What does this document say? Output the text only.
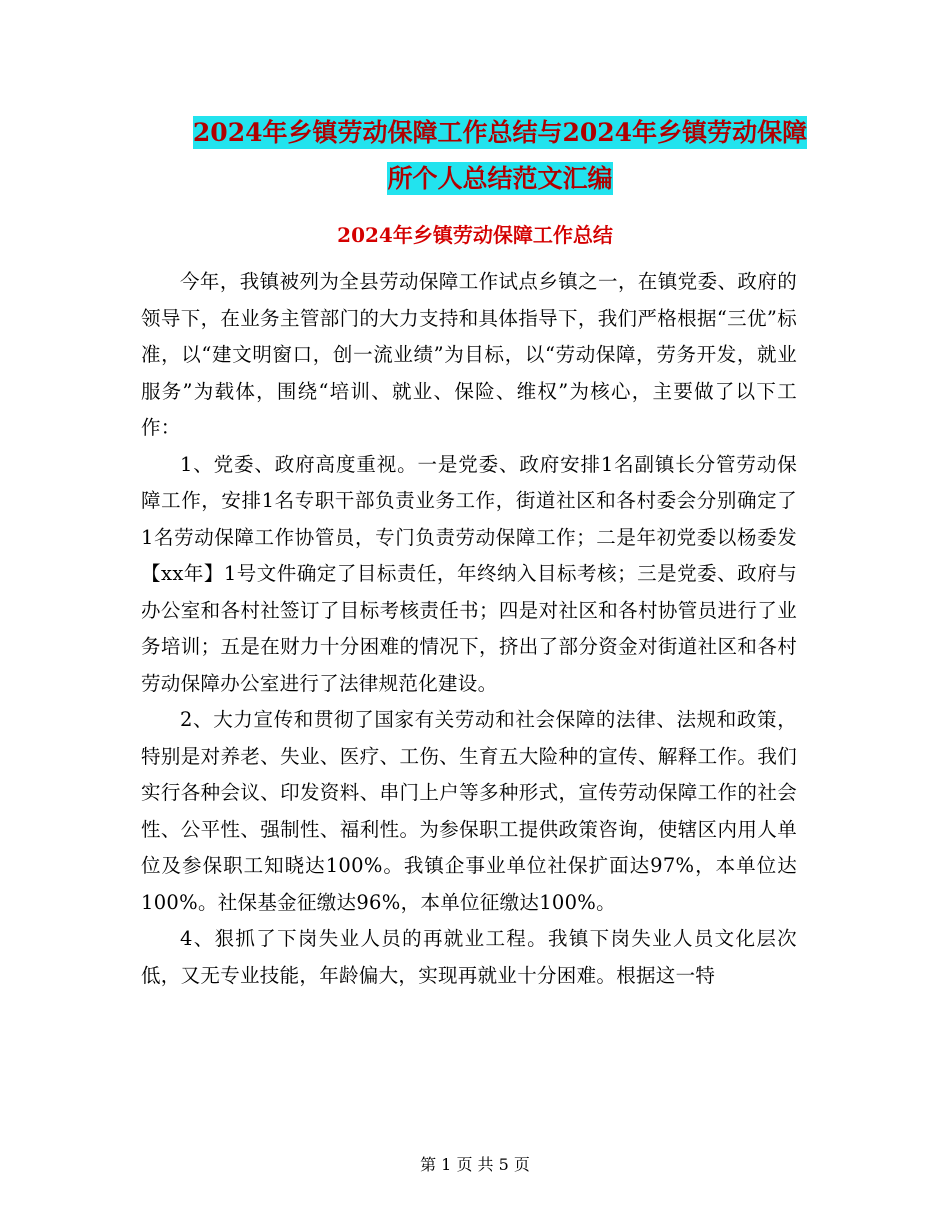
2024年乡镇劳动保障工作总结与2024年乡镇劳动保障
所个人总结范文汇编
2024年乡镇劳动保障工作总结

今年，我镇被列为全县劳动保障工作试点乡镇之一，在镇党委、政府的领导下，在业务主管部门的大力支持和具体指导下，我们严格根据“三优”标准，以“建文明窗口，创一流业绩”为目标，以“劳动保障，劳务开发，就业服务”为载体，围绕“培训、就业、保险、维权”为核心，主要做了以下工作：

1、党委、政府高度重视。一是党委、政府安排1名副镇长分管劳动保障工作，安排1名专职干部负责业务工作，街道社区和各村委会分别确定了1名劳动保障工作协管员，专门负责劳动保障工作；二是年初党委以杨委发【xx年】1号文件确定了目标责任，年终纳入目标考核；三是党委、政府与办公室和各村社签订了目标考核责任书；四是对社区和各村协管员进行了业务培训；五是在财力十分困难的情况下，挤出了部分资金对街道社区和各村劳动保障办公室进行了法律规范化建设。

2、大力宣传和贯彻了国家有关劳动和社会保障的法律、法规和政策，特别是对养老、失业、医疗、工伤、生育五大险种的宣传、解释工作。我们实行各种会议、印发资料、串门上户等多种形式，宣传劳动保障工作的社会性、公平性、强制性、福利性。为参保职工提供政策咨询，使辖区内用人单位及参保职工知晓达100%。我镇企事业单位社保扩面达97%，本单位达100%。社保基金征缴达96%，本单位征缴达100%。

4、狠抓了下岗失业人员的再就业工程。我镇下岗失业人员文化层次低，又无专业技能，年龄偏大，实现再就业十分困难。根据这一特

第 1 页 共 5 页
